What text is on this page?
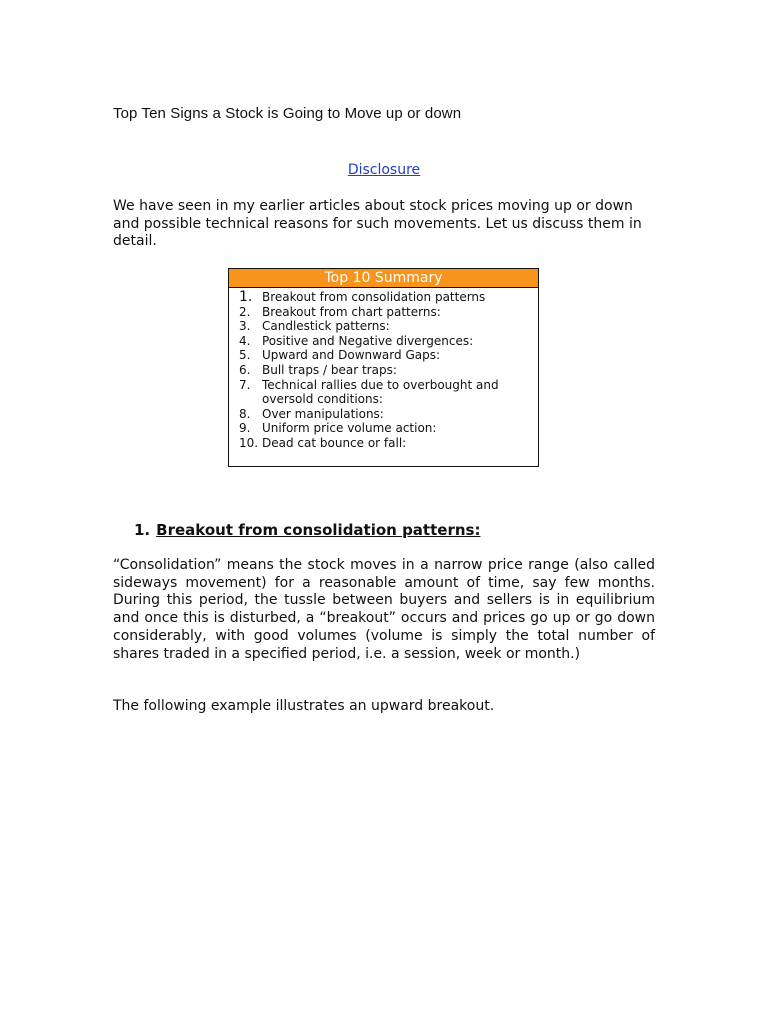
Top Ten Signs a Stock is Going to Move up or down
Disclosure

We have seen in my earlier articles about stock prices moving up or down and possible technical reasons for such movements. Let us discuss them in detail.

Top 10 Summary
1. Breakout from consolidation patterns
2. Breakout from chart patterns:
3. Candlestick patterns:
4. Positive and Negative divergences:
5. Upward and Downward Gaps:
6. Bull traps / bear traps:
7. Technical rallies due to overbought and oversold conditions:
8. Over manipulations:
9. Uniform price volume action:
10. Dead cat bounce or fall:
1. Breakout from consolidation patterns:

“Consolidation” means the stock moves in a narrow price range (also called sideways movement) for a reasonable amount of time, say few months. During this period, the tussle between buyers and sellers is in equilibrium and once this is disturbed, a “breakout” occurs and prices go up or go down considerably, with good volumes (volume is simply the total number of shares traded in a specified period, i.e. a session, week or month.)

The following example illustrates an upward breakout.
